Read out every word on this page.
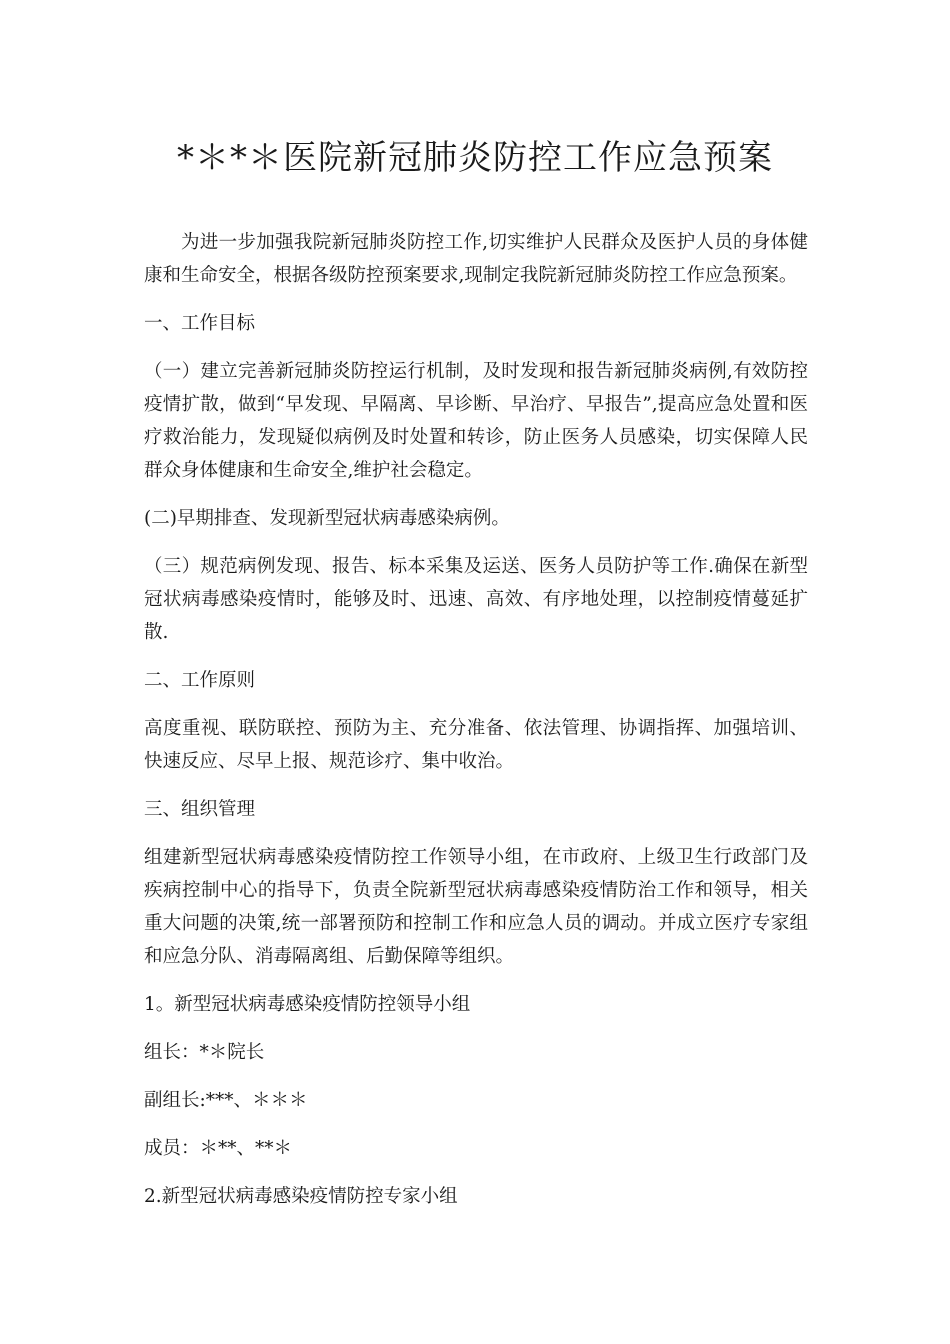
*＊*＊医院新冠肺炎防控工作应急预案

为进一步加强我院新冠肺炎防控工作,切实维护人民群众及医护人员的身体健康和生命安全，根据各级防控预案要求,现制定我院新冠肺炎防控工作应急预案。

一、工作目标

（一）建立完善新冠肺炎防控运行机制，及时发现和报告新冠肺炎病例,有效防控疫情扩散，做到“早发现、早隔离、早诊断、早治疗、早报告”,提高应急处置和医疗救治能力，发现疑似病例及时处置和转诊，防止医务人员感染，切实保障人民群众身体健康和生命安全,维护社会稳定。

(二)早期排查、发现新型冠状病毒感染病例。

（三）规范病例发现、报告、标本采集及运送、医务人员防护等工作.确保在新型冠状病毒感染疫情时，能够及时、迅速、高效、有序地处理，以控制疫情蔓延扩散.

二、工作原则

高度重视、联防联控、预防为主、充分准备、依法管理、协调指挥、加强培训、快速反应、尽早上报、规范诊疗、集中收治。

三、组织管理

组建新型冠状病毒感染疫情防控工作领导小组，在市政府、上级卫生行政部门及疾病控制中心的指导下，负责全院新型冠状病毒感染疫情防治工作和领导，相关重大问题的决策,统一部署预防和控制工作和应急人员的调动。并成立医疗专家组和应急分队、消毒隔离组、后勤保障等组织。

1。新型冠状病毒感染疫情防控领导小组

组长：*＊院长

副组长:***、＊＊＊

成员：＊**、**＊

2.新型冠状病毒感染疫情防控专家小组
